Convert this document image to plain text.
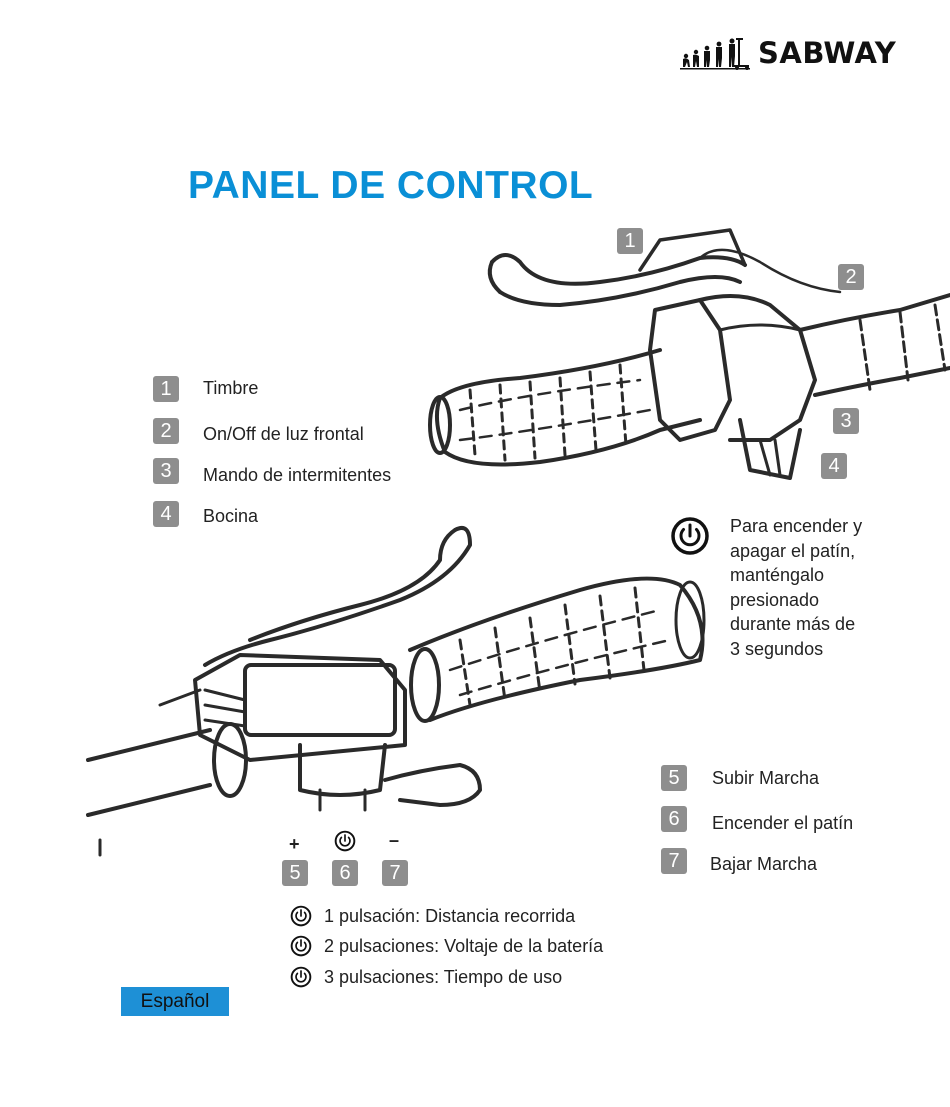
SABWAY
PANEL DE CONTROL
1
2
3
4
1	Timbre
2	On/Off de luz frontal
3	Mando de intermitentes
4	Bocina	Para encender y
apagar el patín,
manténgalo
presionado
durante más de
3 segundos
5	Subir Marcha
6	Encender el patín
7	Bajar Marcha
+	–
5	6	7
1 pulsación: Distancia recorrida
2 pulsaciones: Voltaje de la batería
3 pulsaciones: Tiempo de uso
Español
